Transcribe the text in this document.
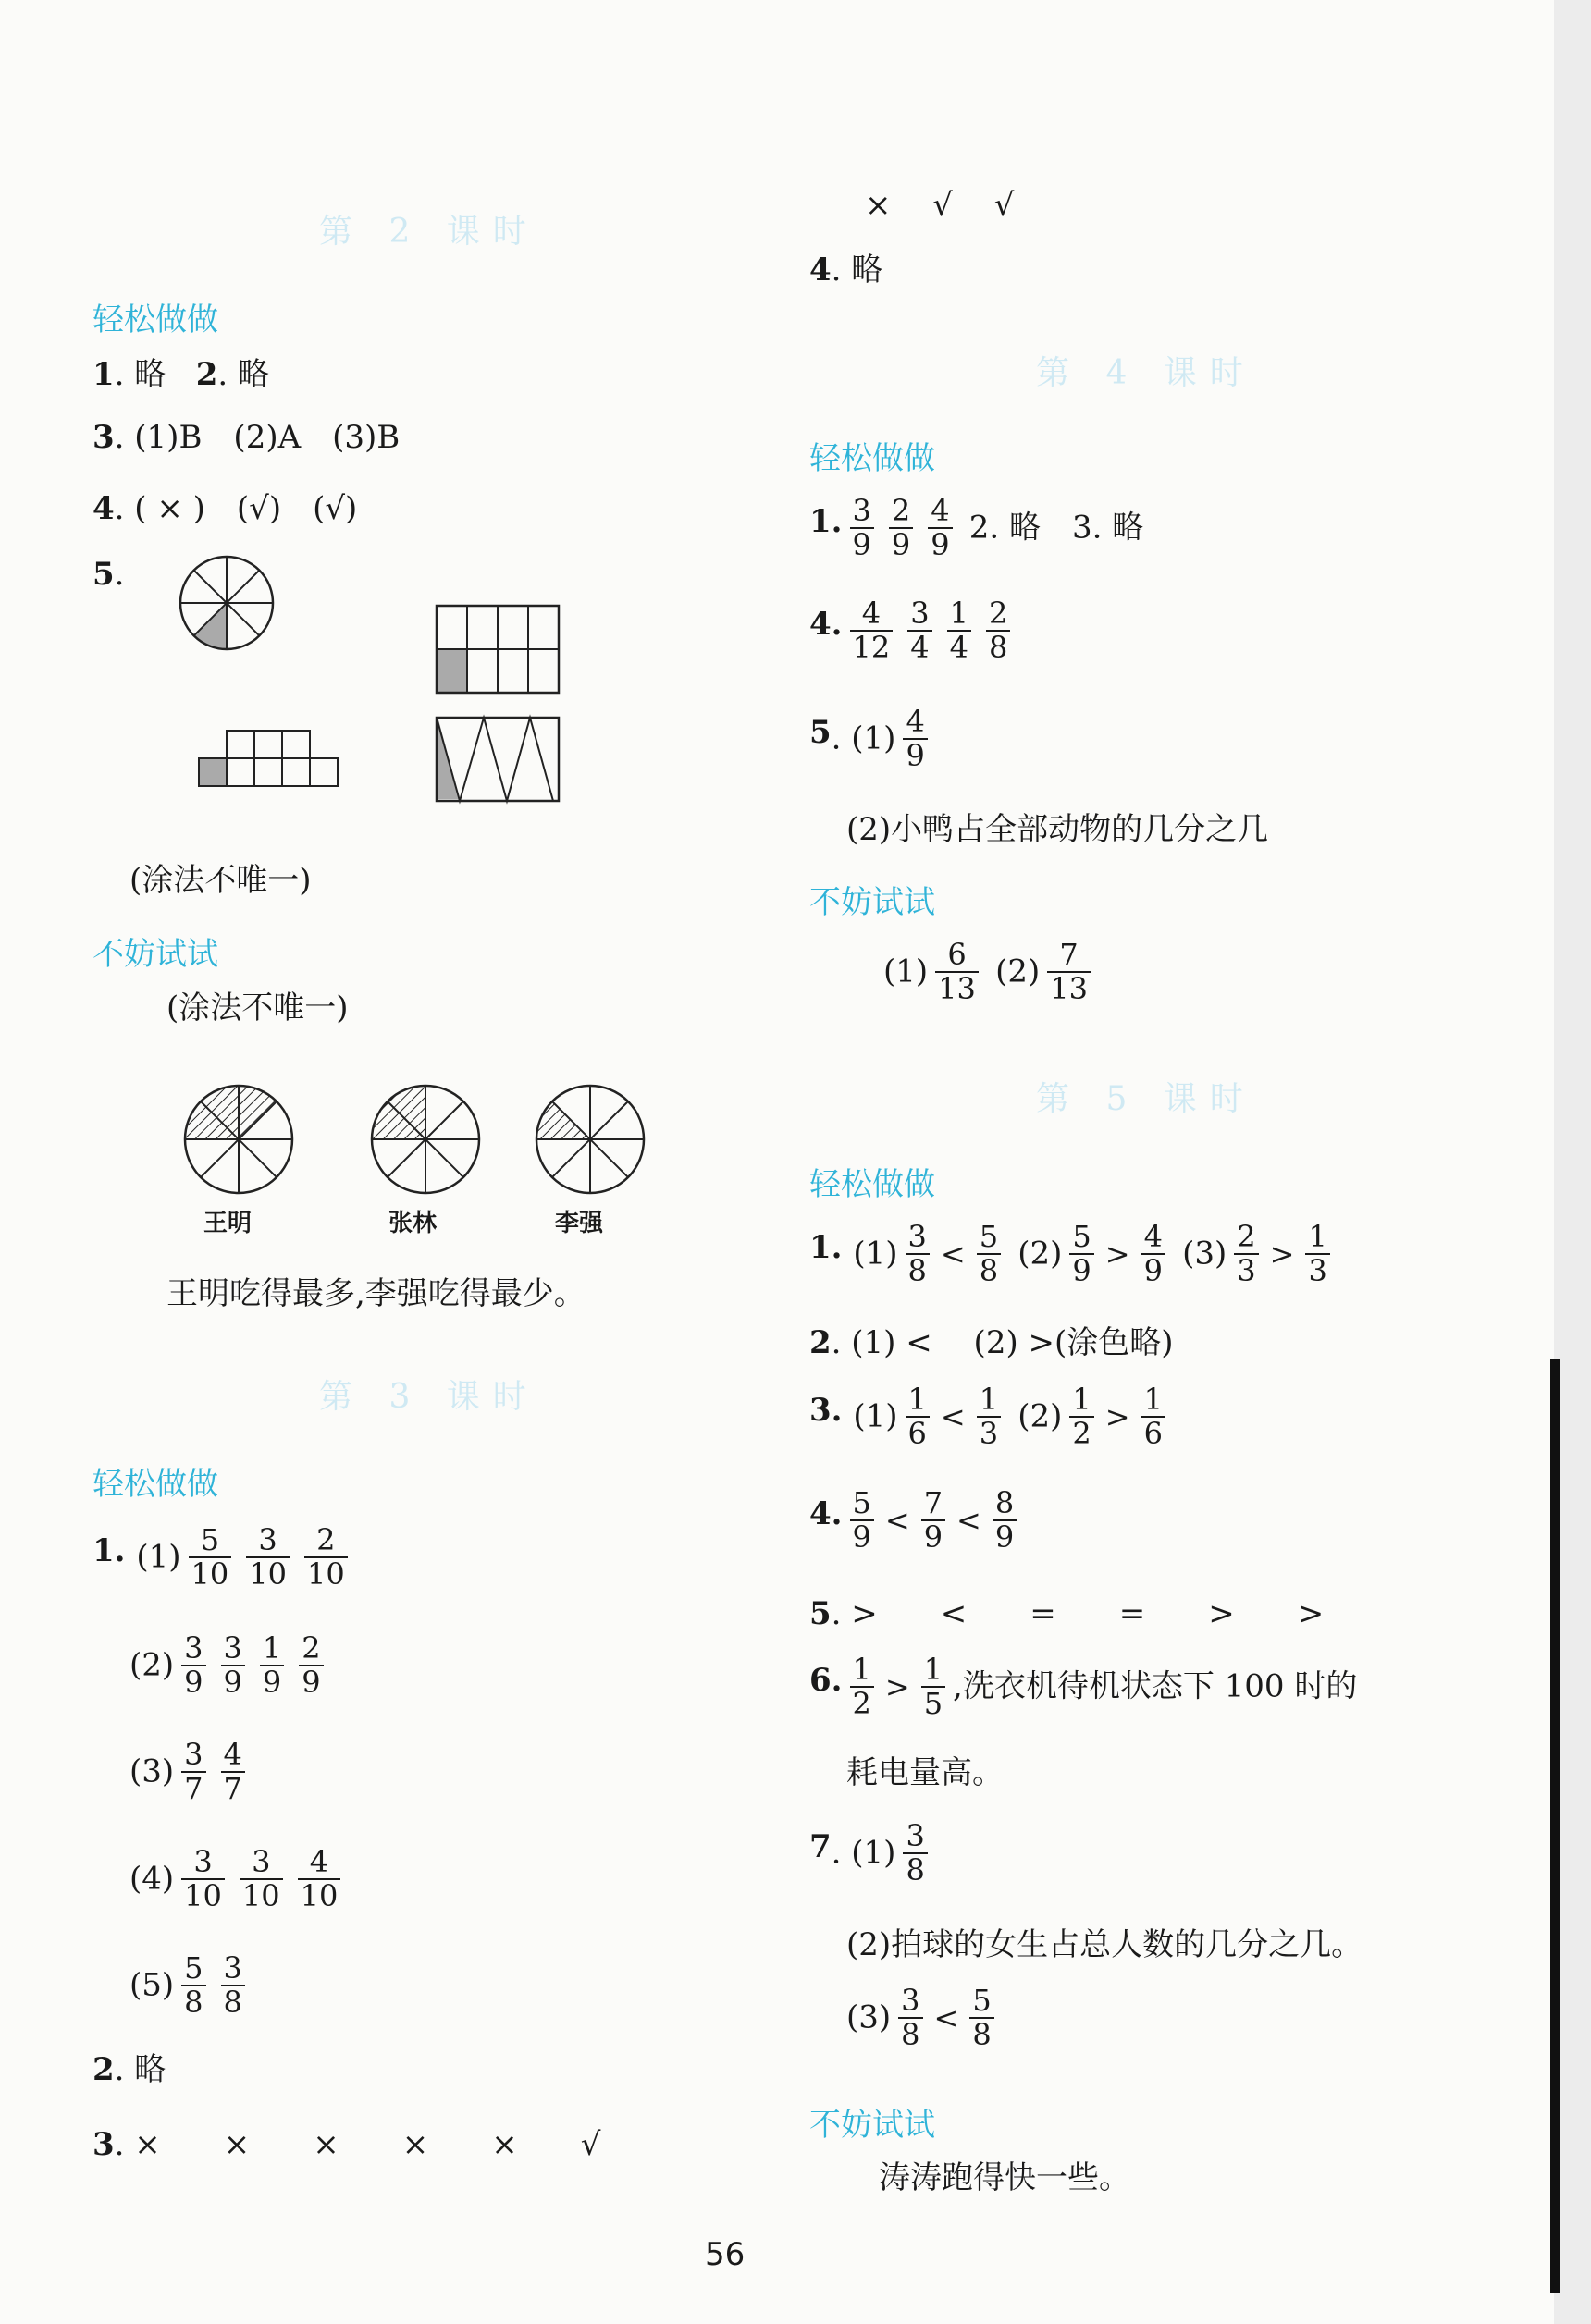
第 2 课时
轻松做做
1. 略 2. 略
3. (1)B　(2)A　(3)B
4. ( × )　(√)　(√)
5.
(涂法不唯一)
不妨试试
(涂法不唯一)
王明	张林	李强
王明吃得最多,李强吃得最少。
第 3 课时
轻松做做
1. $(1) \frac{5}{10} \frac{3}{10} \frac{2}{10}$
$(2) \frac{3}{9} \frac{3}{9} \frac{1}{9} \frac{2}{9}$
$(3) \frac{3}{7} \frac{4}{7}$
$(4) \frac{3}{10} \frac{3}{10} \frac{4}{10}$
$(5) \frac{5}{8} \frac{3}{8}$
2. 略
3. ×　　×　　×　　×　　×　　√
×　 √　 √
4. 略
第 4 课时
轻松做做
1. $\frac{3}{9} \frac{2}{9} \frac{4}{9} 2$. 略　3. 略
4. $\frac{4}{12} \frac{3}{4} \frac{1}{4} \frac{2}{8}$
5. $(1) \frac{4}{9}$
(2)小鸭占全部动物的几分之几
不妨试试
$(1) \frac{6}{13} (2) \frac{7}{13}$
第 5 课时
轻松做做
1. $(1) \frac{3}{8} < \frac{5}{8} (2) \frac{5}{9} > \frac{4}{9} (3) \frac{2}{3} > \frac{1}{3}$
2. (1) <　 (2) >(涂色略)
3. $(1) \frac{1}{6} < \frac{1}{3} (2) \frac{1}{2} > \frac{1}{6}$
4. $\frac{5}{9} < \frac{7}{9} < \frac{8}{9}$
5. >　　<　　=　　=　　>　　>
6. $\frac{1}{2} > \frac{1}{5}$ ,洗衣机待机状态下 100 时的
耗电量高。
7. $(1) \frac{3}{8}$
(2)拍球的女生占总人数的几分之几。
$(3) \frac{3}{8} < \frac{5}{8}$
不妨试试
涛涛跑得快一些。
56
